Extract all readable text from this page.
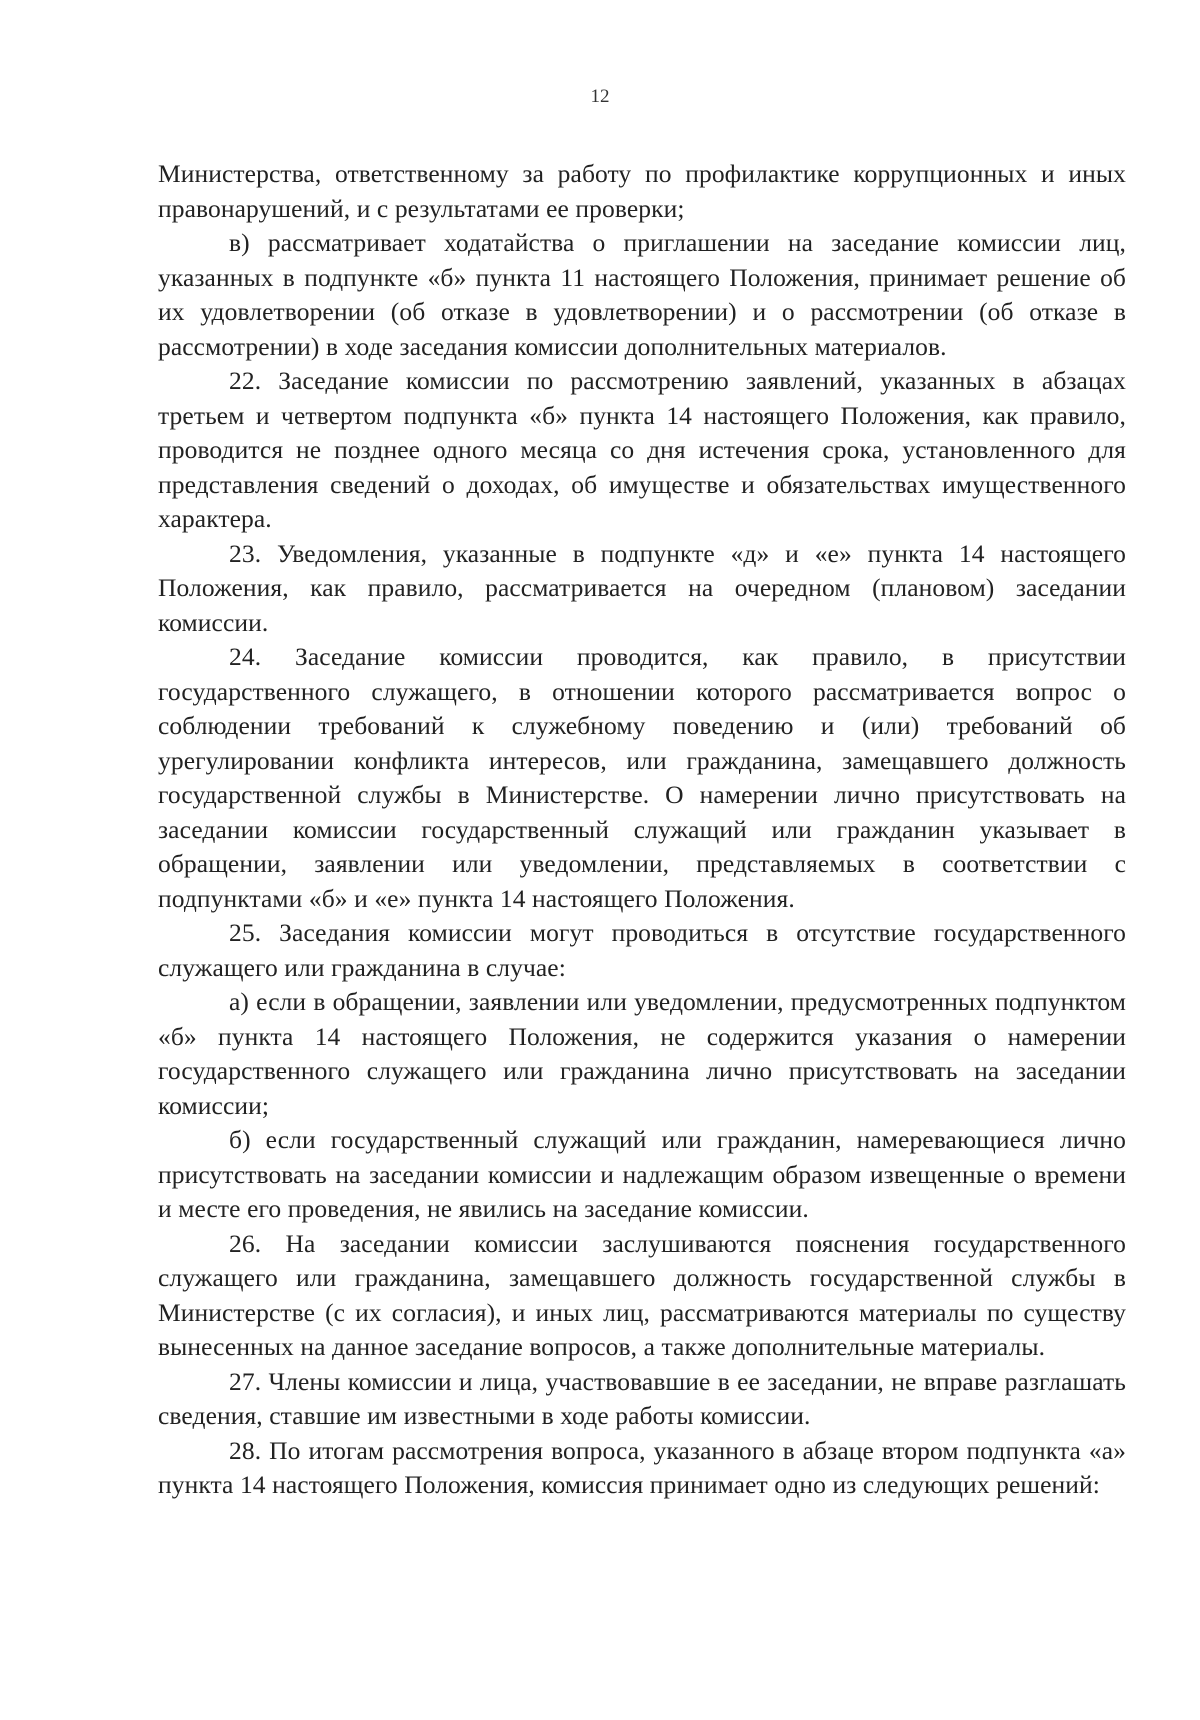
12

Министерства, ответственному за работу по профилактике коррупционных и иных правонарушений, и с результатами ее проверки;

в) рассматривает ходатайства о приглашении на заседание комиссии лиц, указанных в подпункте «б» пункта 11 настоящего Положения, принимает решение об их удовлетворении (об отказе в удовлетворении) и о рассмотрении (об отказе в рассмотрении) в ходе заседания комиссии дополнительных материалов.

22. Заседание комиссии по рассмотрению заявлений, указанных в абзацах третьем и четвертом подпункта «б» пункта 14 настоящего Положения, как правило, проводится не позднее одного месяца со дня истечения срока, установленного для представления сведений о доходах, об имуществе и обязательствах имущественного характера.

23. Уведомления, указанные в подпункте «д» и «е» пункта 14 настоящего Положения, как правило, рассматривается на очередном (плановом) заседании комиссии.

24. Заседание комиссии проводится, как правило, в присутствии государственного служащего, в отношении которого рассматривается вопрос о соблюдении требований к служебному поведению и (или) требований об урегулировании конфликта интересов, или гражданина, замещавшего должность государственной службы в Министерстве. О намерении лично присутствовать на заседании комиссии государственный служащий или гражданин указывает в обращении, заявлении или уведомлении, представляемых в соответствии с подпунктами «б» и «е» пункта 14 настоящего Положения.

25. Заседания комиссии могут проводиться в отсутствие государственного служащего или гражданина в случае:

а) если в обращении, заявлении или уведомлении, предусмотренных подпунктом «б» пункта 14 настоящего Положения, не содержится указания о намерении государственного служащего или гражданина лично присутствовать на заседании комиссии;

б) если государственный служащий или гражданин, намеревающиеся лично присутствовать на заседании комиссии и надлежащим образом извещенные о времени и месте его проведения, не явились на заседание комиссии.

26. На заседании комиссии заслушиваются пояснения государственного служащего или гражданина, замещавшего должность государственной службы в Министерстве (с их согласия), и иных лиц, рассматриваются материалы по существу вынесенных на данное заседание вопросов, а также дополнительные материалы.

27. Члены комиссии и лица, участвовавшие в ее заседании, не вправе разглашать сведения, ставшие им известными в ходе работы комиссии.

28. По итогам рассмотрения вопроса, указанного в абзаце втором подпункта «а» пункта 14 настоящего Положения, комиссия принимает одно из следующих решений:
